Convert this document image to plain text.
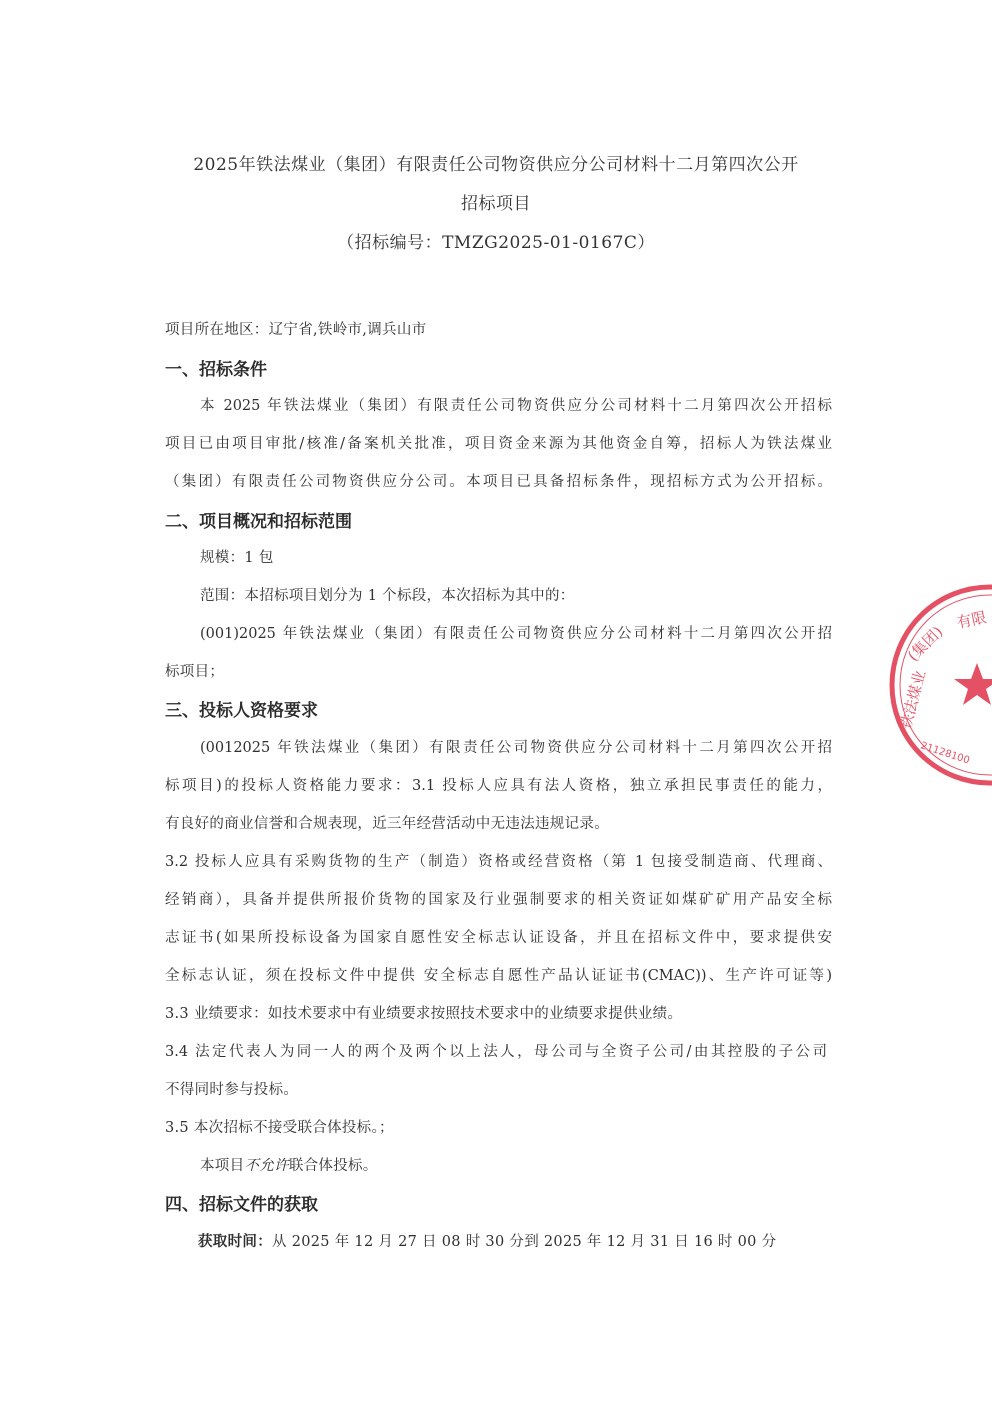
2025年铁法煤业（集团）有限责任公司物资供应分公司材料十二月第四次公开
招标项目
（招标编号：TMZG2025-01-0167C）
项目所在地区：辽宁省,铁岭市,调兵山市
一、招标条件
本 2025 年铁法煤业（集团）有限责任公司物资供应分公司材料十二月第四次公开招标
项目已由项目审批/核准/备案机关批准，项目资金来源为其他资金自筹，招标人为铁法煤业
（集团）有限责任公司物资供应分公司。本项目已具备招标条件，现招标方式为公开招标。
二、项目概况和招标范围
规模：1 包
范围：本招标项目划分为 1 个标段，本次招标为其中的：
(001)2025 年铁法煤业（集团）有限责任公司物资供应分公司材料十二月第四次公开招
标项目；
三、投标人资格要求
(0012025 年铁法煤业（集团）有限责任公司物资供应分公司材料十二月第四次公开招
标项目)的投标人资格能力要求：3.1 投标人应具有法人资格，独立承担民事责任的能力，
有良好的商业信誉和合规表现，近三年经营活动中无违法违规记录。
3.2 投标人应具有采购货物的生产（制造）资格或经营资格（第 1 包接受制造商、代理商、
经销商），具备并提供所报价货物的国家及行业强制要求的相关资证如煤矿矿用产品安全标
志证书(如果所投标设备为国家自愿性安全标志认证设备，并且在招标文件中，要求提供安
全标志认证，须在投标文件中提供 安全标志自愿性产品认证证书(CMAC))、生产许可证等)
3.3 业绩要求：如技术要求中有业绩要求按照技术要求中的业绩要求提供业绩。
3.4 法定代表人为同一人的两个及两个以上法人，母公司与全资子公司/由其控股的子公司
不得同时参与投标。
3.5 本次招标不接受联合体投标。；
本项目不允许联合体投标。
四、招标文件的获取
获取时间：从 2025 年 12 月 27 日 08 时 30 分到 2025 年 12 月 31 日 16 时 00 分
铁法煤业
(集团)
有限
21128100
